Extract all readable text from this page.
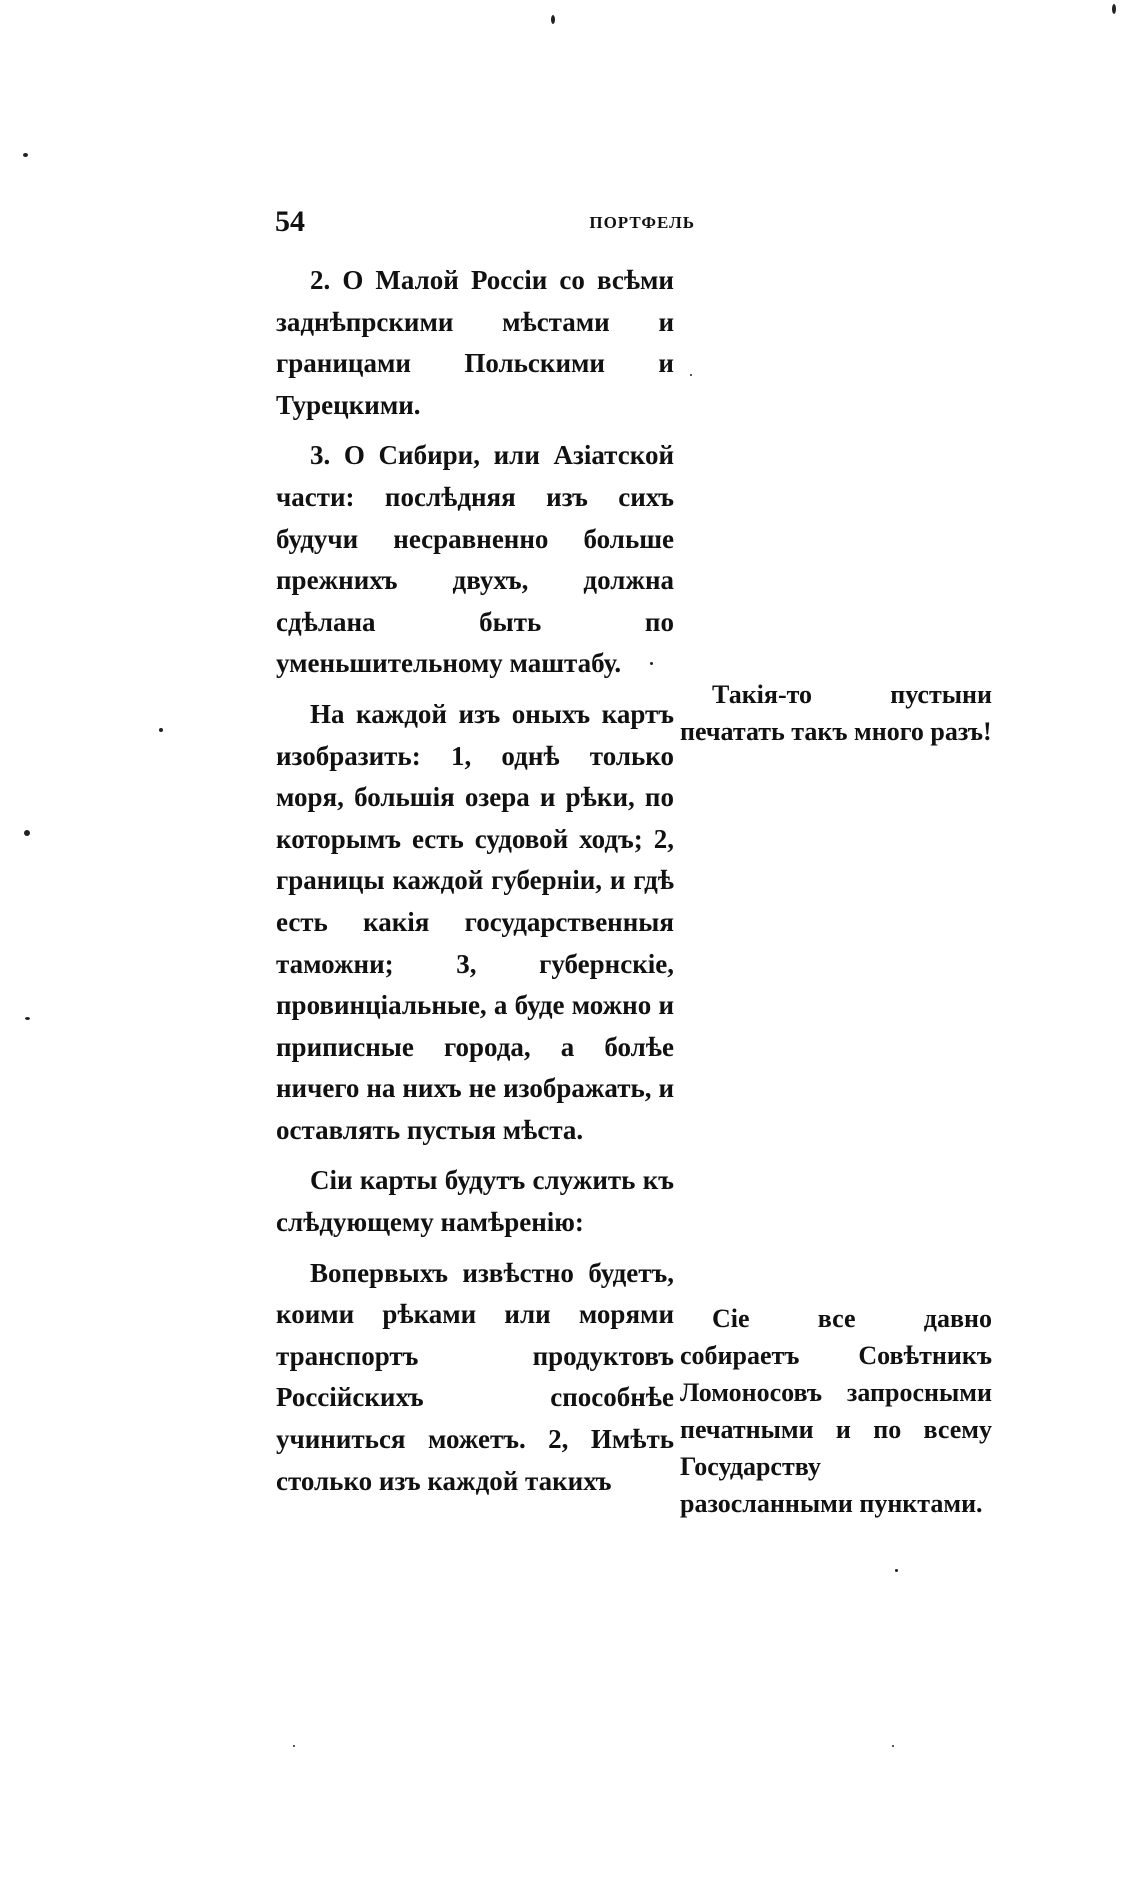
54	ПОРТФЕЛЬ

2. О Малой Россіи со всѣми заднѣпрскими мѣстами и границами Польскими и Турецкими.

3. О Сибири, или Азіатской части: послѣдняя изъ сихъ будучи несравненно больше прежнихъ двухъ, должна сдѣлана быть по уменьшительному маштабу.

На каждой изъ оныхъ картъ изобразить: 1, однѣ только моря, большія озера и рѣки, по которымъ есть судовой ходъ; 2, границы каждой губерніи, и гдѣ есть какія государственныя таможни; 3, губернскіе, провинціальные, а буде можно и приписные города, а болѣе ничего на нихъ не изображать, и оставлять пустыя мѣста.

Сіи карты будутъ служить къ слѣдующему намѣренію:

Вопервыхъ извѣстно будетъ, коими рѣками или морями транспортъ продуктовъ Россійскихъ способнѣе учиниться можетъ. 2, Имѣть столько изъ каждой такихъ

Такія-то пустыни печатать такъ много разъ!

Сіе все давно собираетъ Совѣтникъ Ломоносовъ запросными печатными и по всему Государству разосланными пунктами.
